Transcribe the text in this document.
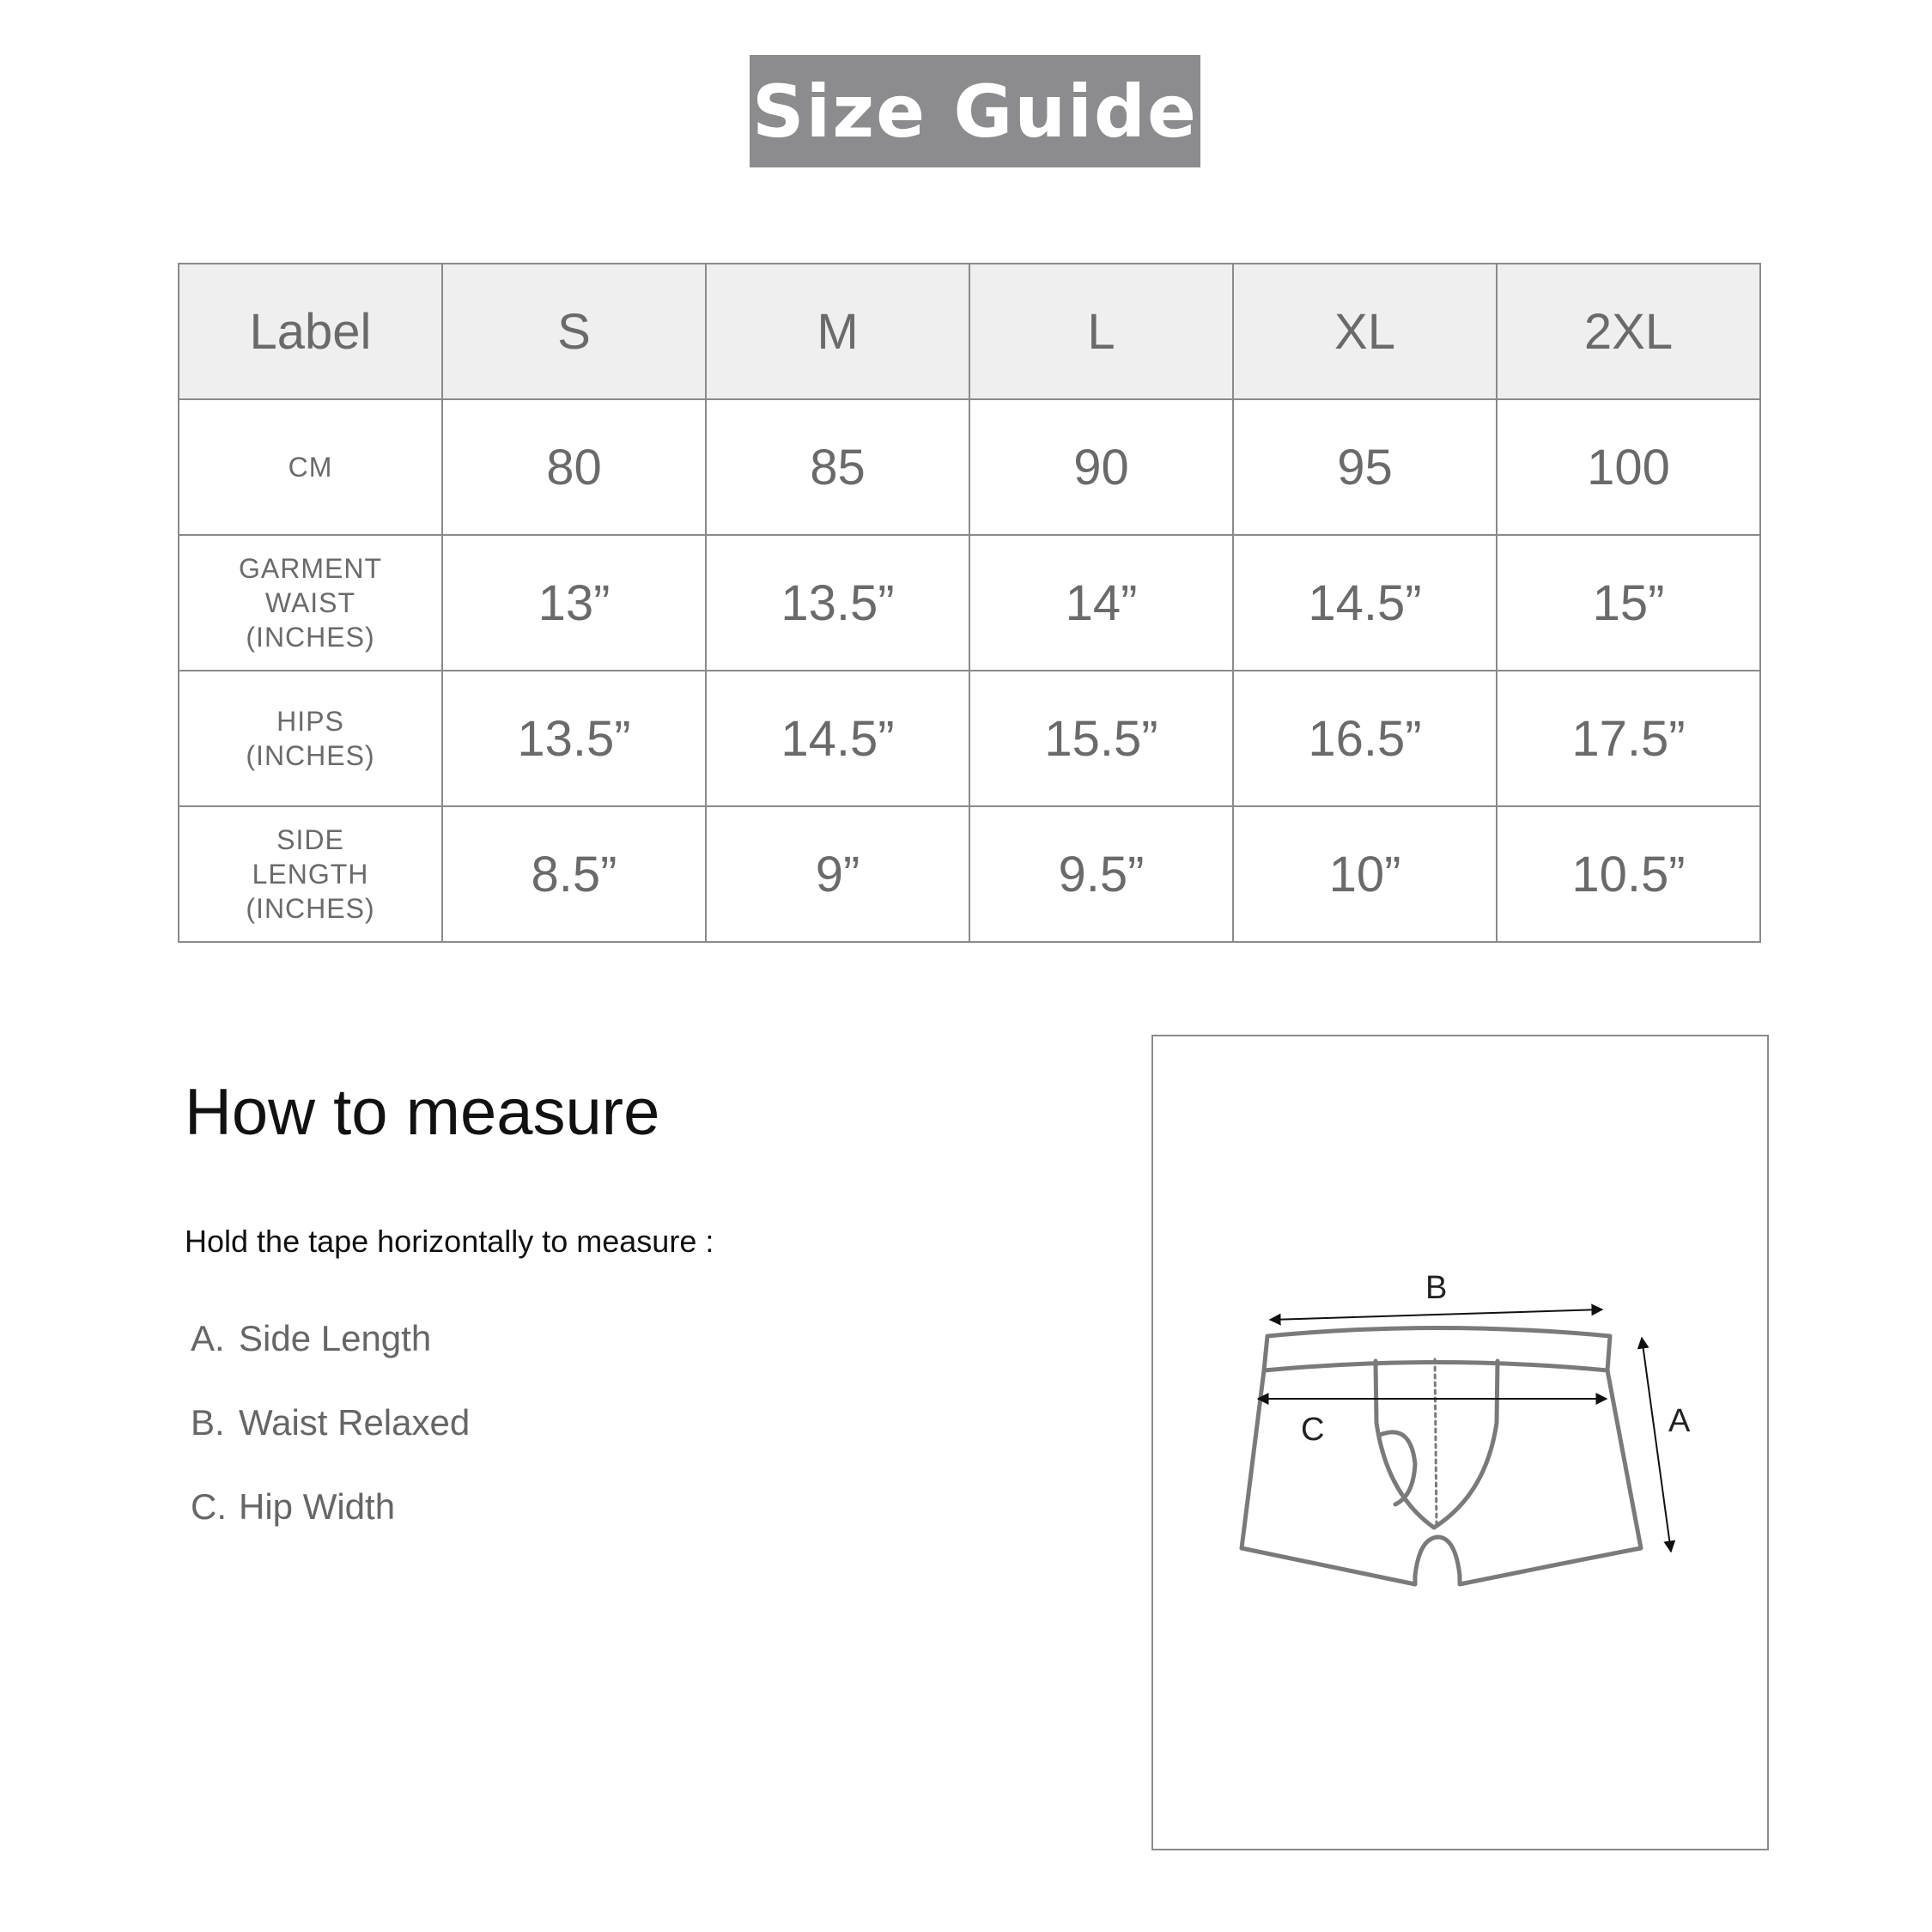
Size Guide
Label	S	M	L	XL	2XL

CM	80	85	90	95	100

GARMENT
WAIST
(INCHES)	13”	13.5”	14”	14.5”	15”

HIPS
(INCHES)	13.5”	14.5”	15.5”	16.5”	17.5”

SIDE
LENGTH
(INCHES)	8.5”	9”	9.5”	10”	10.5”
How to measure
Hold the tape horizontally to measure :
A. Side Length
B. Waist Relaxed
C. Hip Width
B
C	A
